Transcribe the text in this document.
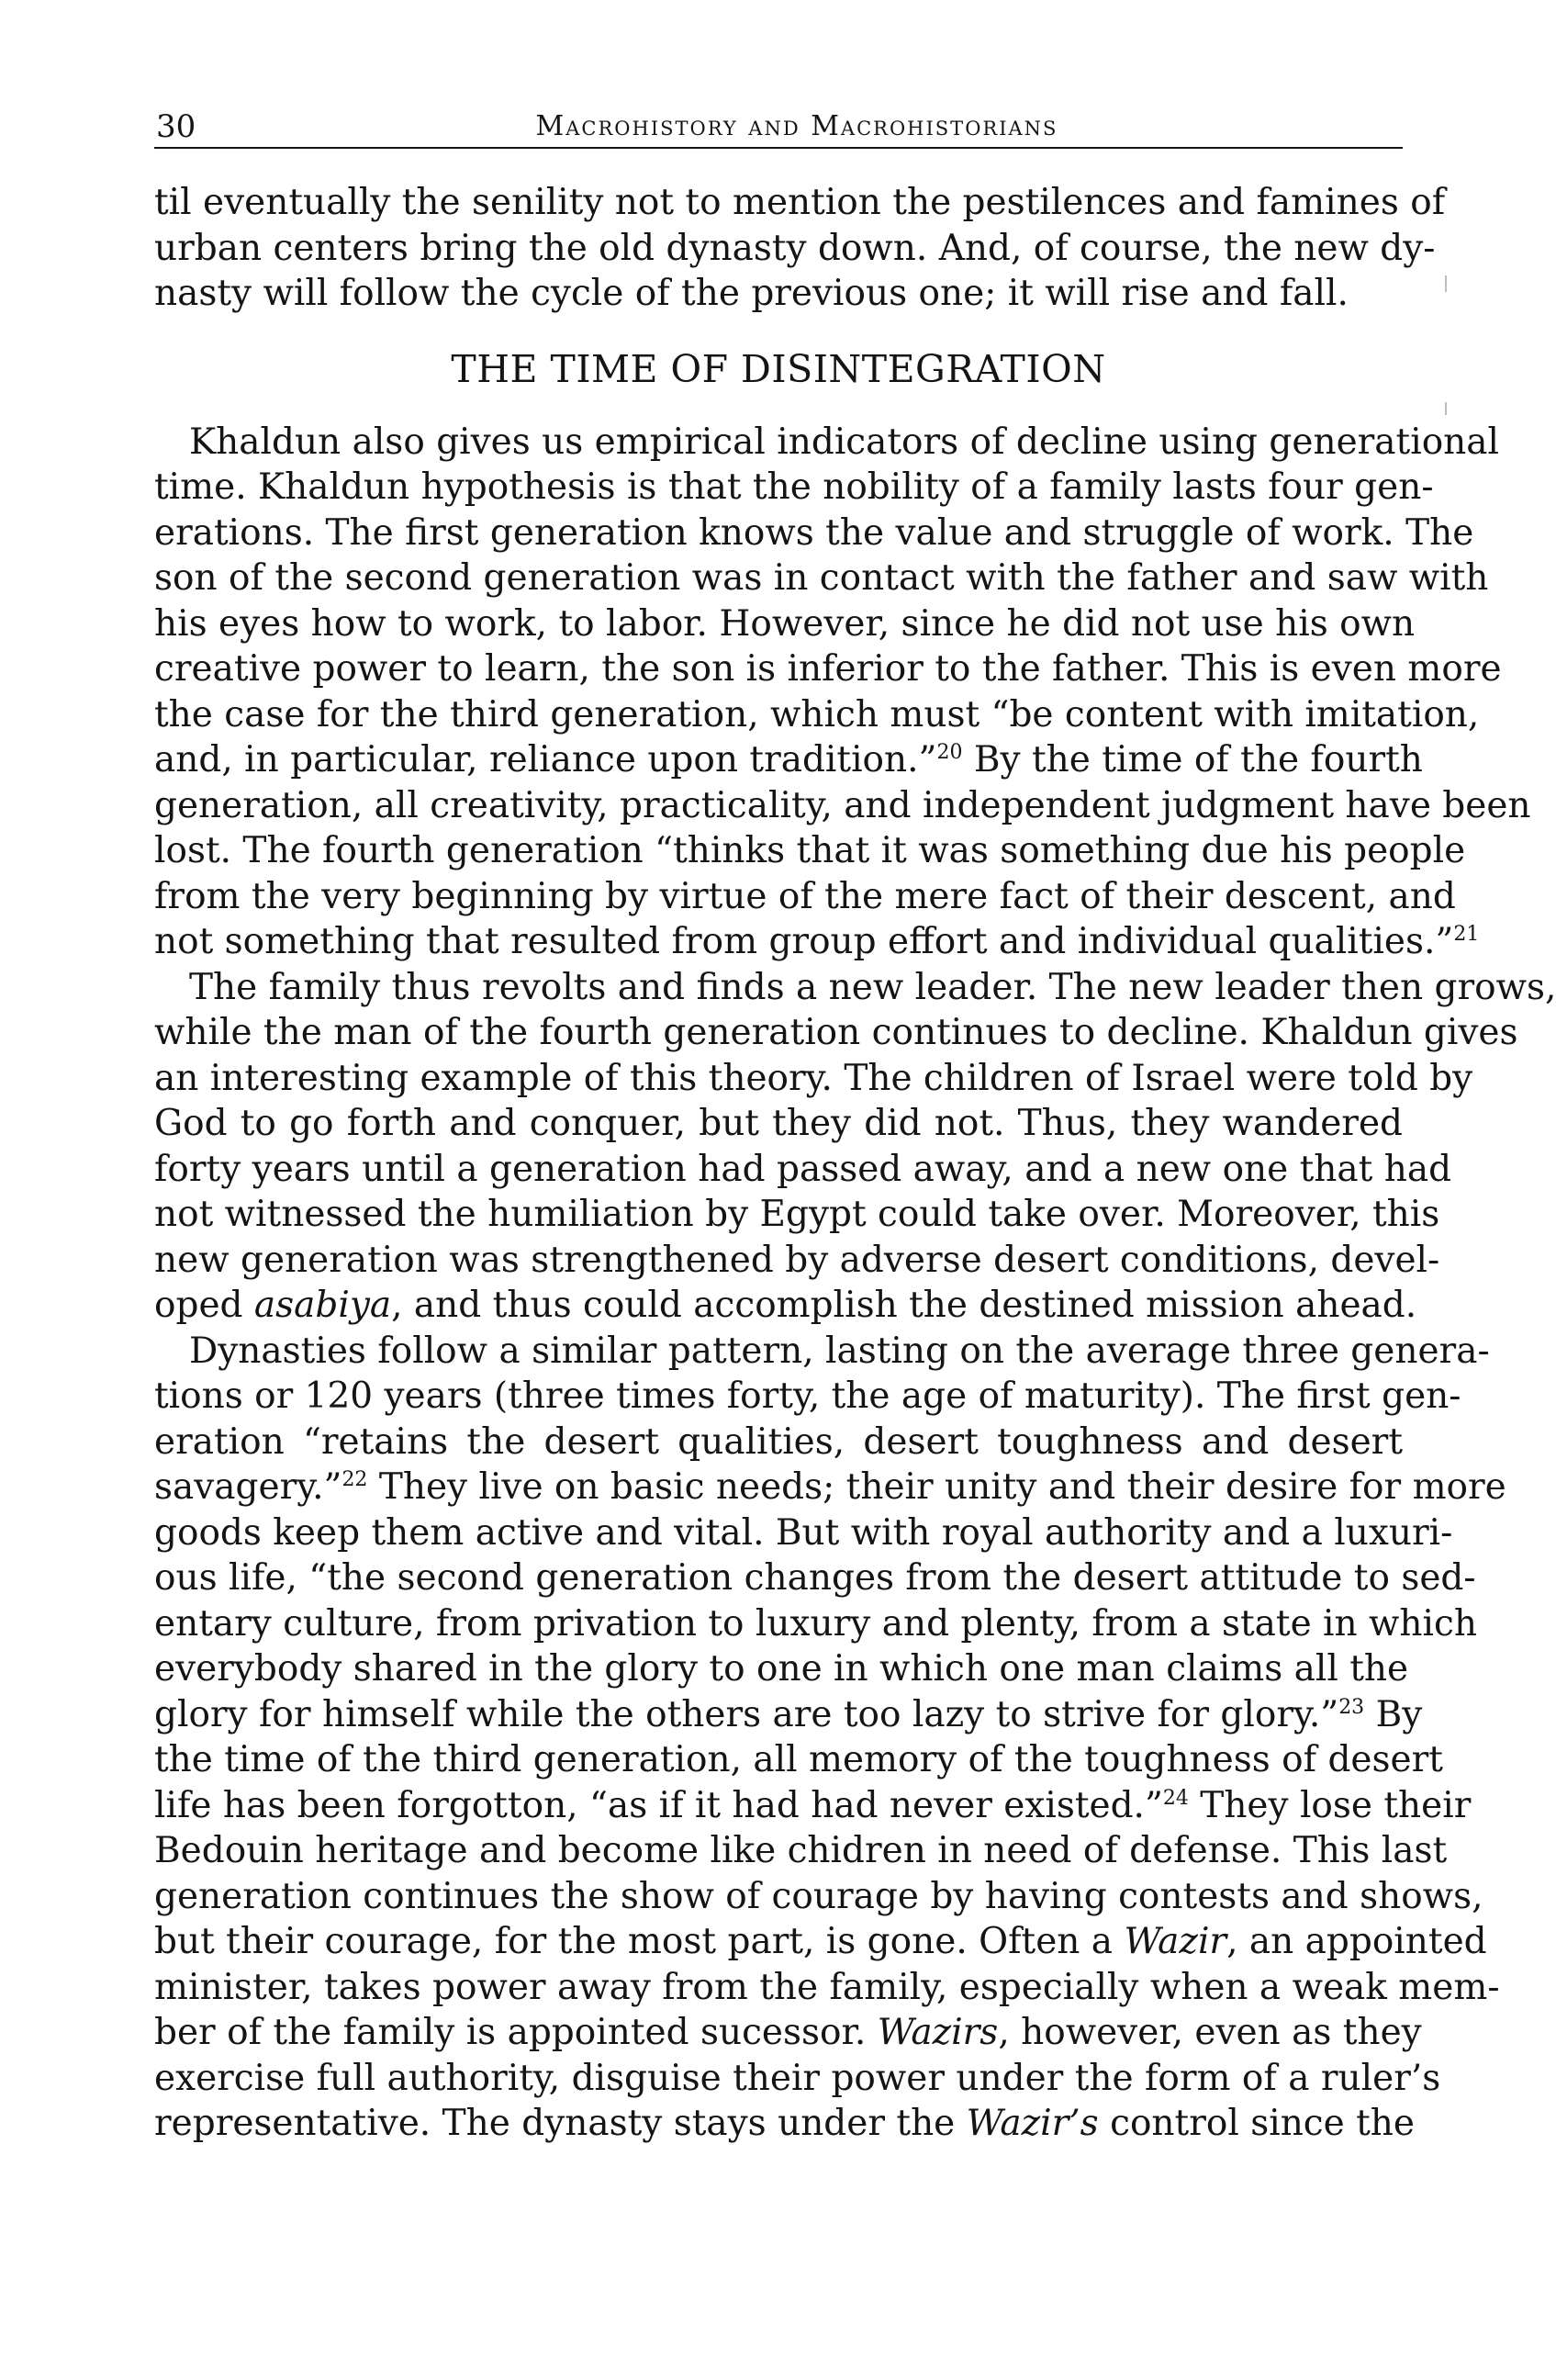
30	Macrohistory and Macrohistorians
til eventually the senility not to mention the pestilences and famines of
urban centers bring the old dynasty down. And, of course, the new dy-
nasty will follow the cycle of the previous one; it will rise and fall.
THE TIME OF DISINTEGRATION
Khaldun also gives us empirical indicators of decline using generational
time. Khaldun hypothesis is that the nobility of a family lasts four gen-
erations. The first generation knows the value and struggle of work. The
son of the second generation was in contact with the father and saw with
his eyes how to work, to labor. However, since he did not use his own
creative power to learn, the son is inferior to the father. This is even more
the case for the third generation, which must “be content with imitation,
and, in particular, reliance upon tradition.”$^{20}$ By the time of the fourth
generation, all creativity, practicality, and independent judgment have been
lost. The fourth generation “thinks that it was something due his people
from the very beginning by virtue of the mere fact of their descent, and
not something that resulted from group effort and individual qualities.”$^{21}$
The family thus revolts and finds a new leader. The new leader then grows,
while the man of the fourth generation continues to decline. Khaldun gives
an interesting example of this theory. The children of Israel were told by
God to go forth and conquer, but they did not. Thus, they wandered
forty years until a generation had passed away, and a new one that had
not witnessed the humiliation by Egypt could take over. Moreover, this
new generation was strengthened by adverse desert conditions, devel-
oped asabiya, and thus could accomplish the destined mission ahead.
Dynasties follow a similar pattern, lasting on the average three genera-
tions or 120 years (three times forty, the age of maturity). The first gen-
eration “retains the desert qualities, desert toughness and desert
savagery.”$^{22}$ They live on basic needs; their unity and their desire for more
goods keep them active and vital. But with royal authority and a luxuri-
ous life, “the second generation changes from the desert attitude to sed-
entary culture, from privation to luxury and plenty, from a state in which
everybody shared in the glory to one in which one man claims all the
glory for himself while the others are too lazy to strive for glory.”$^{23}$ By
the time of the third generation, all memory of the toughness of desert
life has been forgotton, “as if it had had never existed.”$^{24}$ They lose their
Bedouin heritage and become like chidren in need of defense. This last
generation continues the show of courage by having contests and shows,
but their courage, for the most part, is gone. Often a Wazir, an appointed
minister, takes power away from the family, especially when a weak mem-
ber of the family is appointed sucessor. Wazirs, however, even as they
exercise full authority, disguise their power under the form of a ruler’s
representative. The dynasty stays under the Wazir’s control since the
